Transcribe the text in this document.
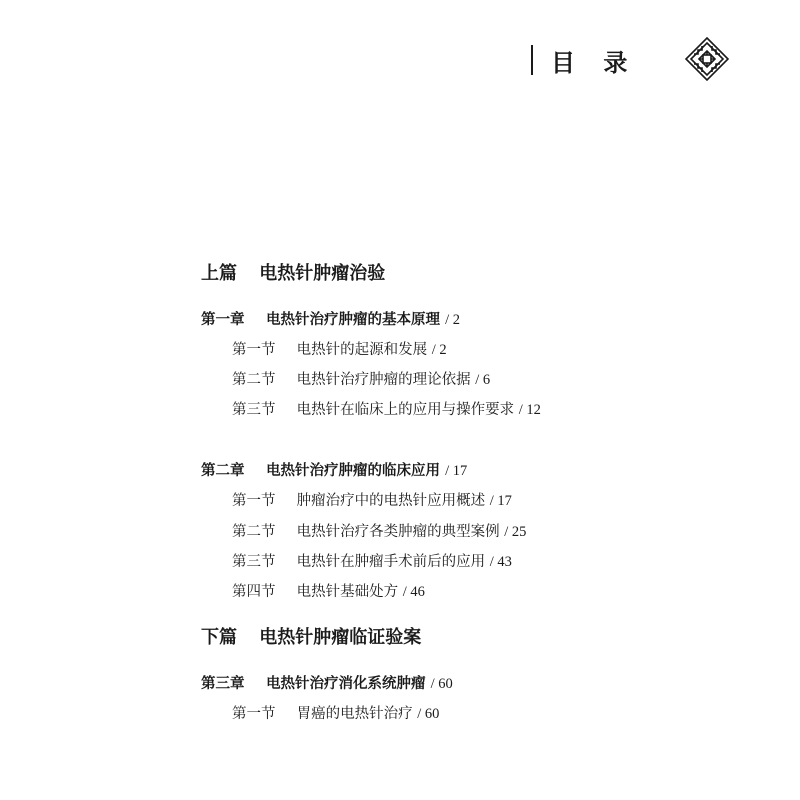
目 录
上篇 电热针肿瘤治验
第一章 电热针治疗肿瘤的基本原理 / 2
第一节 电热针的起源和发展 / 2
第二节 电热针治疗肿瘤的理论依据 / 6
第三节 电热针在临床上的应用与操作要求 / 12
第二章 电热针治疗肿瘤的临床应用 / 17
第一节 肿瘤治疗中的电热针应用概述 / 17
第二节 电热针治疗各类肿瘤的典型案例 / 25
第三节 电热针在肿瘤手术前后的应用 / 43
第四节 电热针基础处方 / 46
下篇 电热针肿瘤临证验案
第三章 电热针治疗消化系统肿瘤 / 60
第一节 胃癌的电热针治疗 / 60
